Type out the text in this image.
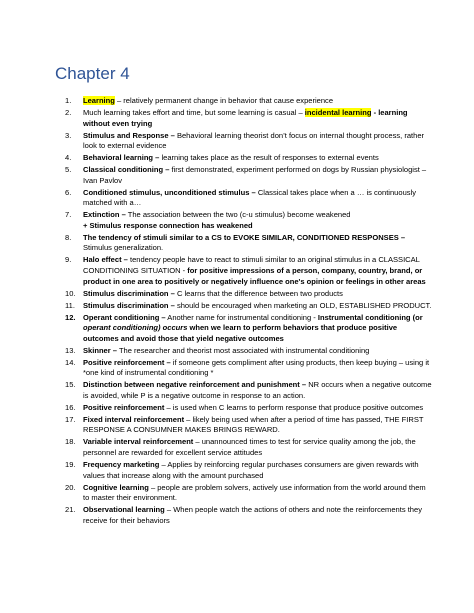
Chapter 4
1.	Learning – relatively permanent change in behavior that cause experience
2.	Much learning takes effort and time, but some learning is casual – incidental learning - learning without even trying
3.	Stimulus and Response – Behavioral learning theorist don’t focus on internal thought process, rather look to external evidence
4.	Behavioral learning – learning takes place as the result of responses to external events
5.	Classical conditioning – first demonstrated, experiment performed on dogs by Russian physiologist – Ivan Pavlov
6.	Conditioned stimulus, unconditioned stimulus – Classical takes place when a … is continuously matched with a…
7.	Extinction – The association between the two (c-u stimulus) become weakened
+ Stimulus response connection has weakened
8.	The tendency of stimuli similar to a CS to EVOKE SIMILAR, CONDITIONED RESPONSES – Stimulus generalization.
9.	Halo effect – tendency people have to react to stimuli similar to an original stimulus in a CLASSICAL CONDITIONING SITUATION - for positive impressions of a person, company, country, brand, or product in one area to positively or negatively influence one's opinion or feelings in other areas
10. Stimulus discrimination – C learns that the difference between two products
11.	Stimulus discrimination – should be encouraged when marketing an OLD, ESTABLISHED PRODUCT.
12. Operant conditioning – Another name for instrumental conditioning - Instrumental conditioning (or operant conditioning) occurs when we learn to perform behaviors that produce positive outcomes and avoid those that yield negative outcomes
13. Skinner – The researcher and theorist most associated with instrumental conditioning
14. Positive reinforcement – if someone gets compliment after using products, then keep buying – using it *one kind of instrumental conditioning *
15. Distinction between negative reinforcement and punishment – NR occurs when a negative outcome is avoided, while P is a negative outcome in response to an action.
16. Positive reinforcement – is used when C learns to perform response that produce positive outcomes
17. Fixed interval reinforcement – likely being used when after a period of time has passed, THE FIRST RESPONSE A CONSUMNER MAKES BRINGS REWARD.
18. Variable interval reinforcement – unannounced times to test for service quality among the job, the personnel are rewarded for excellent service attitudes
19. Frequency marketing – Applies by reinforcing regular purchases consumers are given rewards with values that increase along with the amount purchased
20. Cognitive learning – people are problem solvers, actively use information from the world around them to master their environment.
21. Observational learning – When people watch the actions of others and note the reinforcements they receive for their behaviors
